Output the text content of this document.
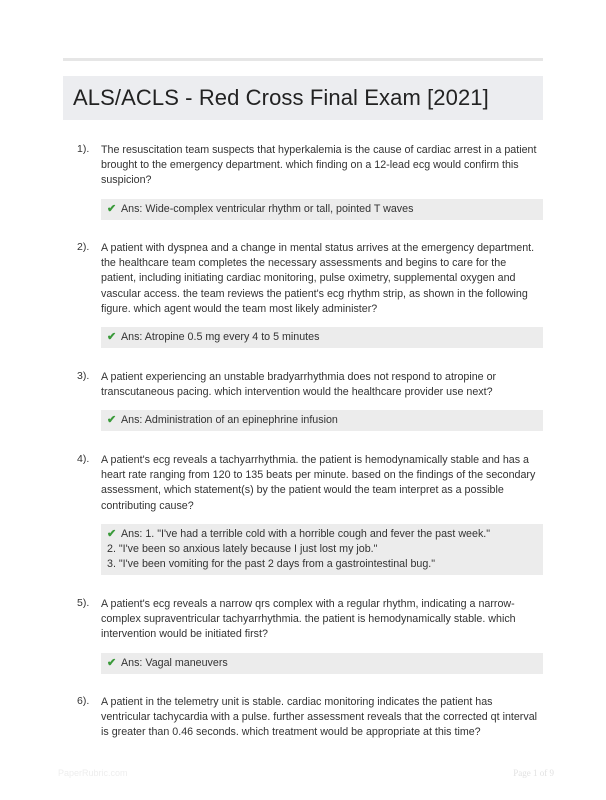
ALS/ACLS - Red Cross Final Exam [2021]
1). The resuscitation team suspects that hyperkalemia is the cause of cardiac arrest in a patient brought to the emergency department. which finding on a 12-lead ecg would confirm this suspicion?
✔ Ans: Wide-complex ventricular rhythm or tall, pointed T waves
2). A patient with dyspnea and a change in mental status arrives at the emergency department. the healthcare team completes the necessary assessments and begins to care for the patient, including initiating cardiac monitoring, pulse oximetry, supplemental oxygen and vascular access. the team reviews the patient's ecg rhythm strip, as shown in the following figure. which agent would the team most likely administer?
✔ Ans: Atropine 0.5 mg every 4 to 5 minutes
3). A patient experiencing an unstable bradyarrhythmia does not respond to atropine or transcutaneous pacing. which intervention would the healthcare provider use next?
✔ Ans: Administration of an epinephrine infusion
4). A patient's ecg reveals a tachyarrhythmia. the patient is hemodynamically stable and has a heart rate ranging from 120 to 135 beats per minute. based on the findings of the secondary assessment, which statement(s) by the patient would the team interpret as a possible contributing cause?
✔ Ans: 1. "I've had a terrible cold with a horrible cough and fever the past week."
2. "I've been so anxious lately because I just lost my job."
3. "I've been vomiting for the past 2 days from a gastrointestinal bug."
5). A patient's ecg reveals a narrow qrs complex with a regular rhythm, indicating a narrow-complex supraventricular tachyarrhythmia. the patient is hemodynamically stable. which intervention would be initiated first?
✔ Ans: Vagal maneuvers
6). A patient in the telemetry unit is stable. cardiac monitoring indicates the patient has ventricular tachycardia with a pulse. further assessment reveals that the corrected qt interval is greater than 0.46 seconds. which treatment would be appropriate at this time?
PaperRubric.com	Page 1 of 9
